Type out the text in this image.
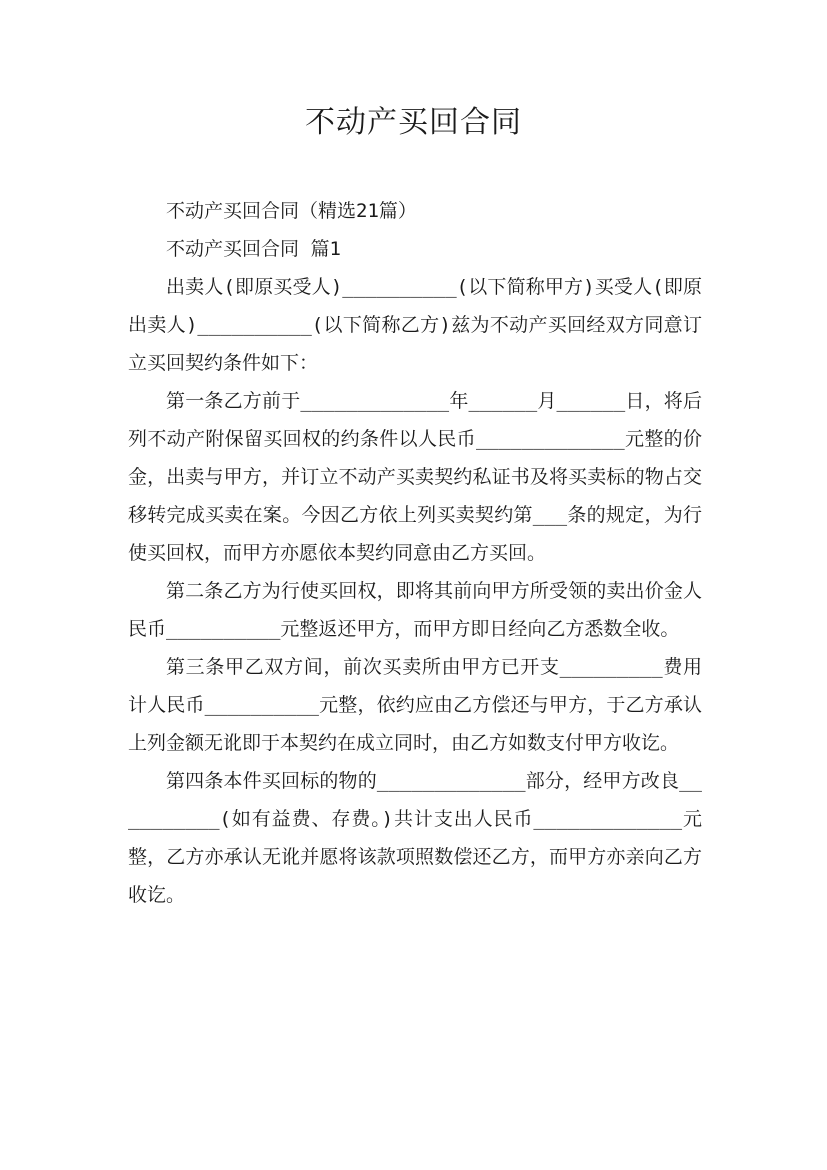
不动产买回合同

不动产买回合同（精选21篇）

不动产买回合同 篇1

出卖人(即原买受人)__________(以下简称甲方)买受人(即原出卖人)__________(以下简称乙方)兹为不动产买回经双方同意订立买回契约条件如下：

第一条乙方前于_____________年______月______日，将后列不动产附保留买回权的约条件以人民币_____________元整的价金，出卖与甲方，并订立不动产买卖契约私证书及将买卖标的物占交移转完成买卖在案。今因乙方依上列买卖契约第___条的规定，为行使买回权，而甲方亦愿依本契约同意由乙方买回。

第二条乙方为行使买回权，即将其前向甲方所受领的卖出价金人民币__________元整返还甲方，而甲方即日经向乙方悉数全收。

第三条甲乙双方间，前次买卖所由甲方已开支_________费用计人民币__________元整，依约应由乙方偿还与甲方，于乙方承认上列金额无讹即于本契约在成立同时，由乙方如数支付甲方收讫。

第四条本件买回标的物的_____________部分，经甲方改良__________(如有益费、存费。)共计支出人民币_____________元整，乙方亦承认无讹并愿将该款项照数偿还乙方，而甲方亦亲向乙方收讫。
